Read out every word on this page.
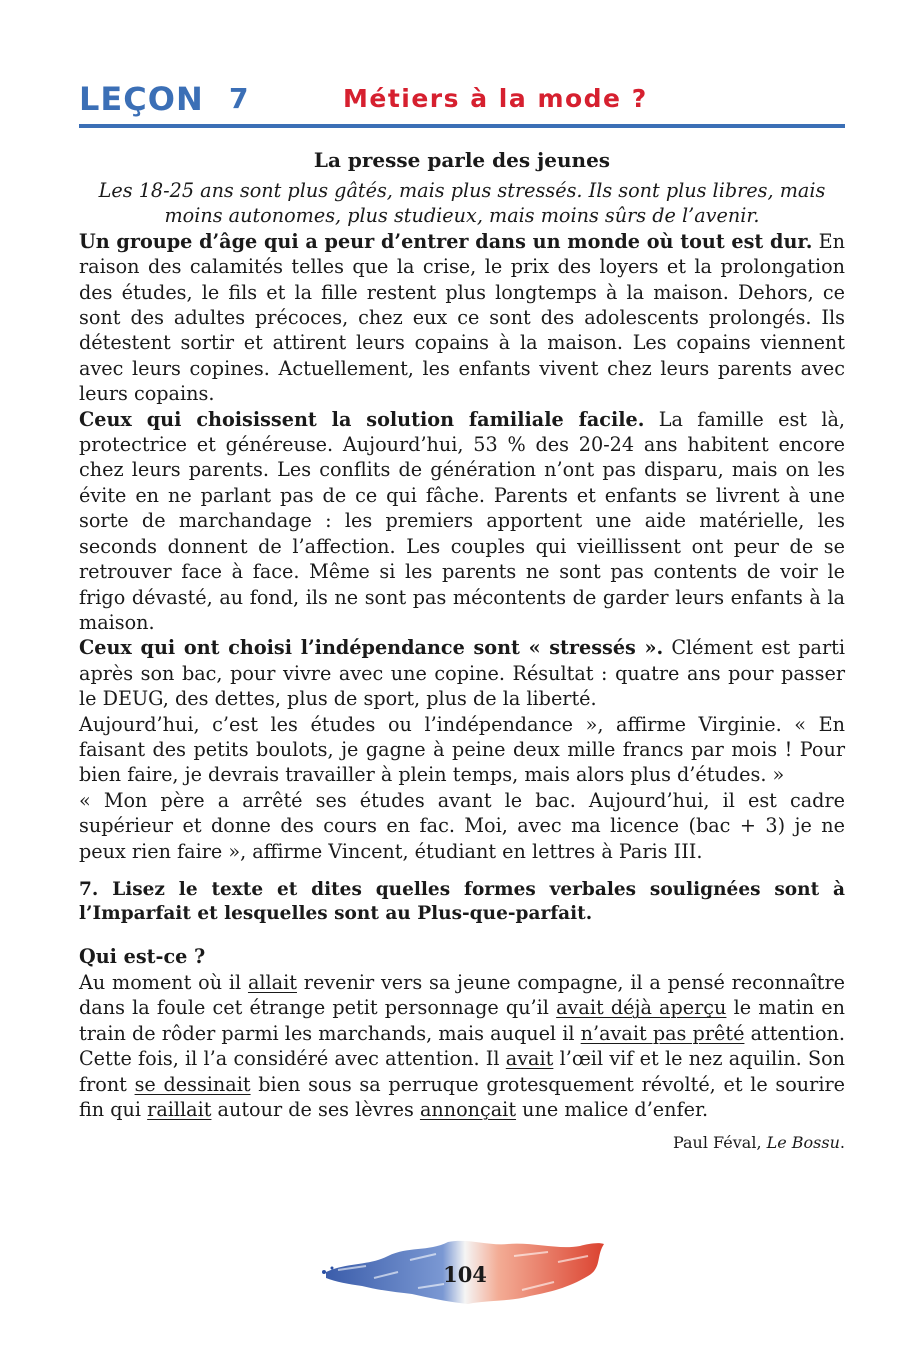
LEÇON 7	Métiers à la mode ?
La presse parle des jeunes

Les 18-25 ans sont plus gâtés, mais plus stressés. Ils sont plus libres, mais moins autonomes, plus studieux, mais moins sûrs de l’avenir.

Un groupe d’âge qui a peur d’entrer dans un monde où tout est dur. En raison des calamités telles que la crise, le prix des loyers et la prolongation des études, le fils et la fille restent plus longtemps à la maison. Dehors, ce sont des adultes précoces, chez eux ce sont des adolescents prolongés. Ils détestent sortir et attirent leurs copains à la maison. Les copains viennent avec leurs copines. Actuellement, les enfants vivent chez leurs parents avec leurs copains.

Ceux qui choisissent la solution familiale facile. La famille est là, protectrice et généreuse. Aujourd’hui, 53 % des 20-24 ans habitent encore chez leurs parents. Les conflits de génération n’ont pas disparu, mais on les évite en ne parlant pas de ce qui fâche. Parents et enfants se livrent à une sorte de marchandage : les premiers apportent une aide matérielle, les seconds donnent de l’affection. Les couples qui vieillissent ont peur de se retrouver face à face. Même si les parents ne sont pas contents de voir le frigo dévasté, au fond, ils ne sont pas mécontents de garder leurs enfants à la maison.

Ceux qui ont choisi l’indépendance sont « stressés ». Clément est parti après son bac, pour vivre avec une copine. Résultat : quatre ans pour passer le DEUG, des dettes, plus de sport, plus de la liberté.

Aujourd’hui, c’est les études ou l’indépendance », affirme Virginie. « En faisant des petits boulots, je gagne à peine deux mille francs par mois ! Pour bien faire, je devrais travailler à plein temps, mais alors plus d’études. »

« Mon père a arrêté ses études avant le bac. Aujourd’hui, il est cadre supérieur et donne des cours en fac. Moi, avec ma licence (bac + 3) je ne peux rien faire », affirme Vincent, étudiant en lettres à Paris III.

7. Lisez le texte et dites quelles formes verbales soulignées sont à l’Imparfait et lesquelles sont au Plus-que-parfait.

Qui est-ce ?

Au moment où il allait revenir vers sa jeune compagne, il a pensé reconnaître dans la foule cet étrange petit personnage qu’il avait déjà aperçu le matin en train de rôder parmi les marchands, mais auquel il n’avait pas prêté attention. Cette fois, il l’a considéré avec attention. Il avait l’œil vif et le nez aquilin. Son front se dessinait bien sous sa perruque grotesquement révolté, et le sourire fin qui raillait autour de ses lèvres annonçait une malice d’enfer.

Paul Féval, Le Bossu.
104
